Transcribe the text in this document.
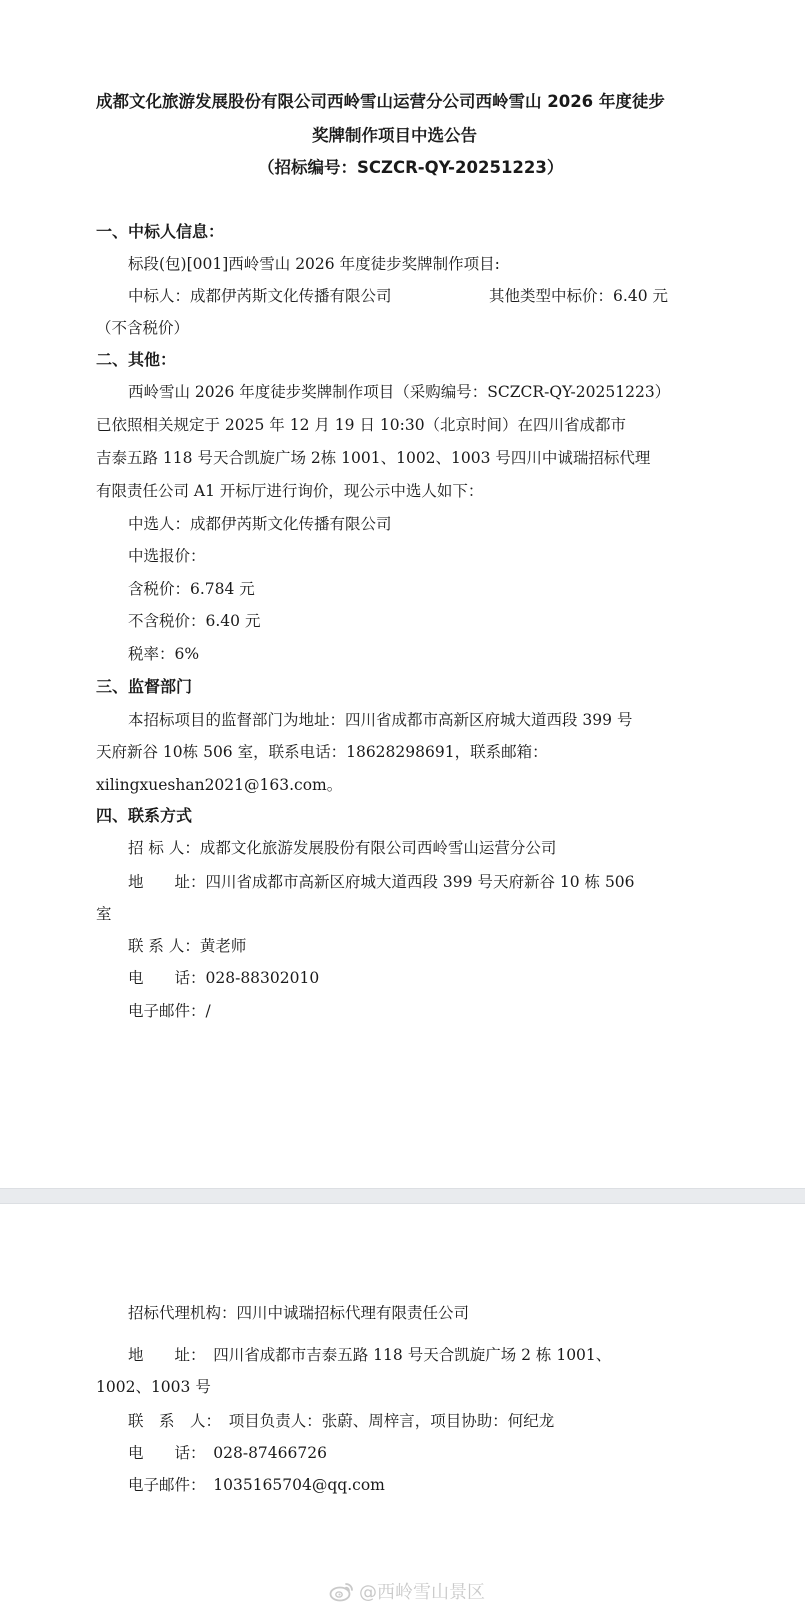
成都文化旅游发展股份有限公司西岭雪山运营分公司西岭雪山 2026 年度徒步
奖牌制作项目中选公告
（招标编号：SCZCR-QY-20251223）
一、中标人信息：
标段(包)[001]西岭雪山 2026 年度徒步奖牌制作项目:
中标人：成都伊芮斯文化传播有限公司	其他类型中标价：6.40 元
（不含税价）
二、其他：
西岭雪山 2026 年度徒步奖牌制作项目（采购编号：SCZCR-QY-20251223）
已依照相关规定于 2025 年 12 月 19 日 10:30（北京时间）在四川省成都市
吉泰五路 118 号天合凯旋广场 2栋 1001、1002、1003 号四川中诚瑞招标代理
有限责任公司 A1 开标厅进行询价，现公示中选人如下：
中选人：成都伊芮斯文化传播有限公司
中选报价：
含税价：6.784 元
不含税价：6.40 元
税率：6%
三、监督部门
本招标项目的监督部门为地址：四川省成都市高新区府城大道西段 399 号
天府新谷 10栋 506 室，联系电话：18628298691，联系邮箱：
xilingxueshan2021@163.com。
四、联系方式
招 标 人：成都文化旅游发展股份有限公司西岭雪山运营分公司
地　　址：四川省成都市高新区府城大道西段 399 号天府新谷 10 栋 506
室
联 系 人：黄老师
电　　话：028-88302010
电子邮件：/
招标代理机构：四川中诚瑞招标代理有限责任公司
地　　址：　四川省成都市吉泰五路 118 号天合凯旋广场 2 栋 1001、
1002、1003 号
联　系　人：　项目负责人：张蔚、周梓言，项目协助：何纪龙
电　　话：　028-87466726
电子邮件：　1035165704@qq.com
@西岭雪山景区
